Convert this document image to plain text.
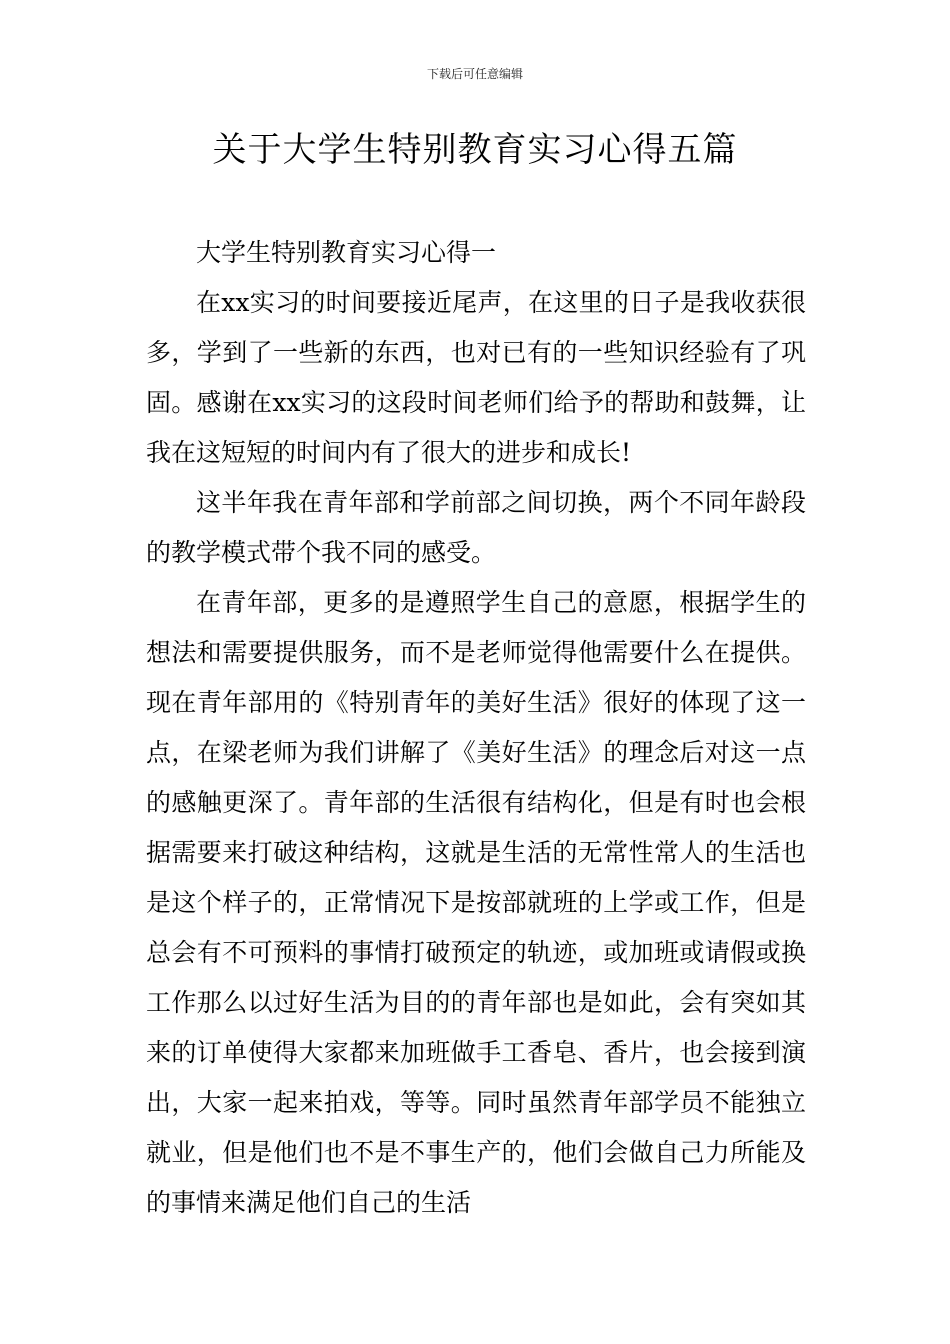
下载后可任意编辑
关于大学生特别教育实习心得五篇

大学生特别教育实习心得一

在xx实习的时间要接近尾声，在这里的日子是我收获很多，学到了一些新的东西，也对已有的一些知识经验有了巩固。感谢在xx实习的这段时间老师们给予的帮助和鼓舞，让我在这短短的时间内有了很大的进步和成长!

这半年我在青年部和学前部之间切换，两个不同年龄段的教学模式带个我不同的感受。

在青年部，更多的是遵照学生自己的意愿，根据学生的想法和需要提供服务，而不是老师觉得他需要什么在提供。现在青年部用的《特别青年的美好生活》很好的体现了这一点，在梁老师为我们讲解了《美好生活》的理念后对这一点的感触更深了。青年部的生活很有结构化，但是有时也会根据需要来打破这种结构，这就是生活的无常性常人的生活也是这个样子的，正常情况下是按部就班的上学或工作，但是总会有不可预料的事情打破预定的轨迹，或加班或请假或换工作那么以过好生活为目的的青年部也是如此，会有突如其来的订单使得大家都来加班做手工香皂、香片，也会接到演出，大家一起来拍戏，等等。同时虽然青年部学员不能独立就业，但是他们也不是不事生产的，他们会做自己力所能及的事情来满足他们自己的生活
